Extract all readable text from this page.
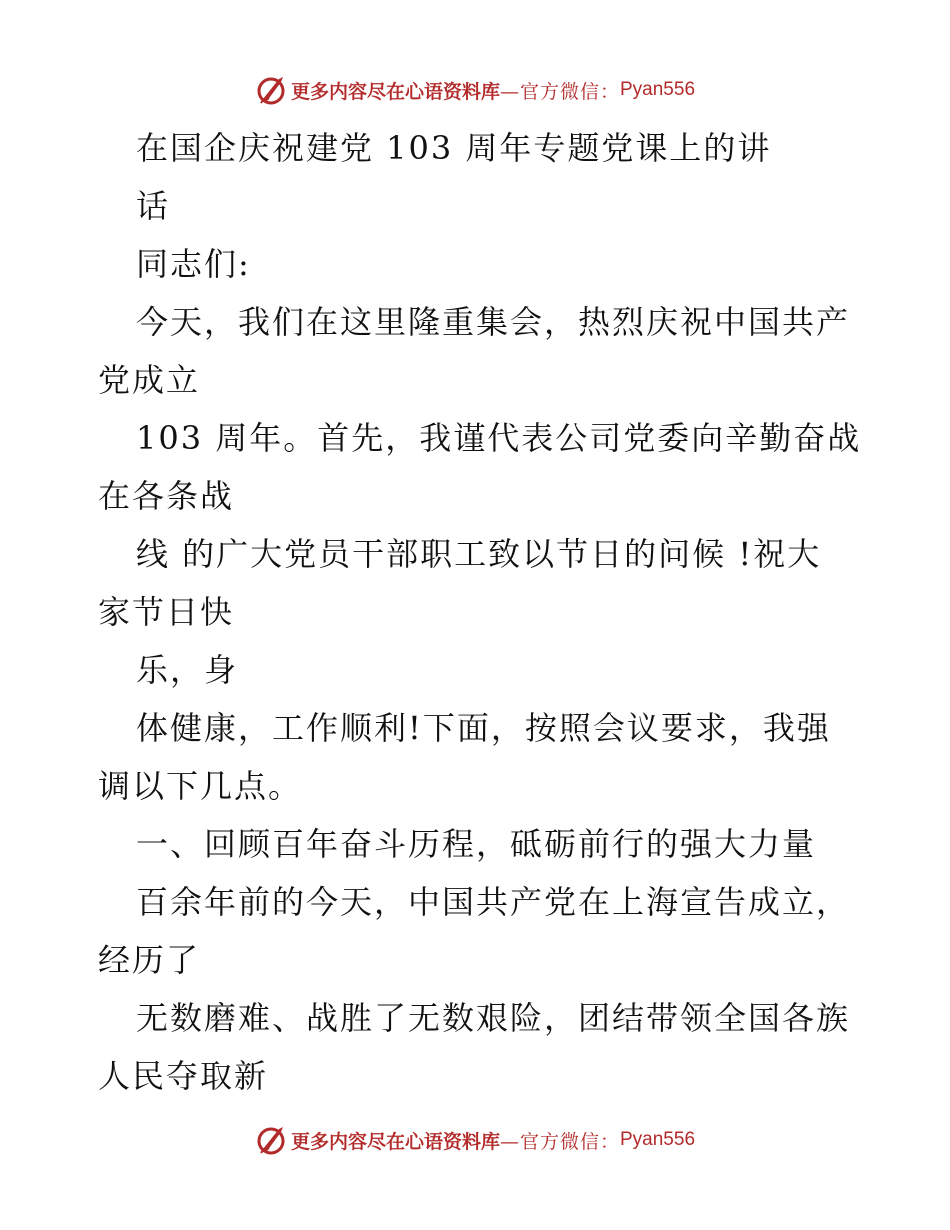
更多内容尽在心语资料库 —官方微信： Pyan556
在国企庆祝建党 103 周年专题党课上的讲
话
同志们:
今天，我们在这里隆重集会，热烈庆祝中国共产
党成立
103 周年。首先，我谨代表公司党委向辛勤奋战
在各条战
线 的广大党员干部职工致以节日的问候 !祝大
家节日快
乐，身
体健康，工作顺利!下面，按照会议要求，我强
调以下几点。
一、回顾百年奋斗历程，砥砺前行的强大力量
百余年前的今天，中国共产党在上海宣告成立，
经历了
无数磨难、战胜了无数艰险，团结带领全国各族
人民夺取新
更多内容尽在心语资料库 —官方微信： Pyan556
